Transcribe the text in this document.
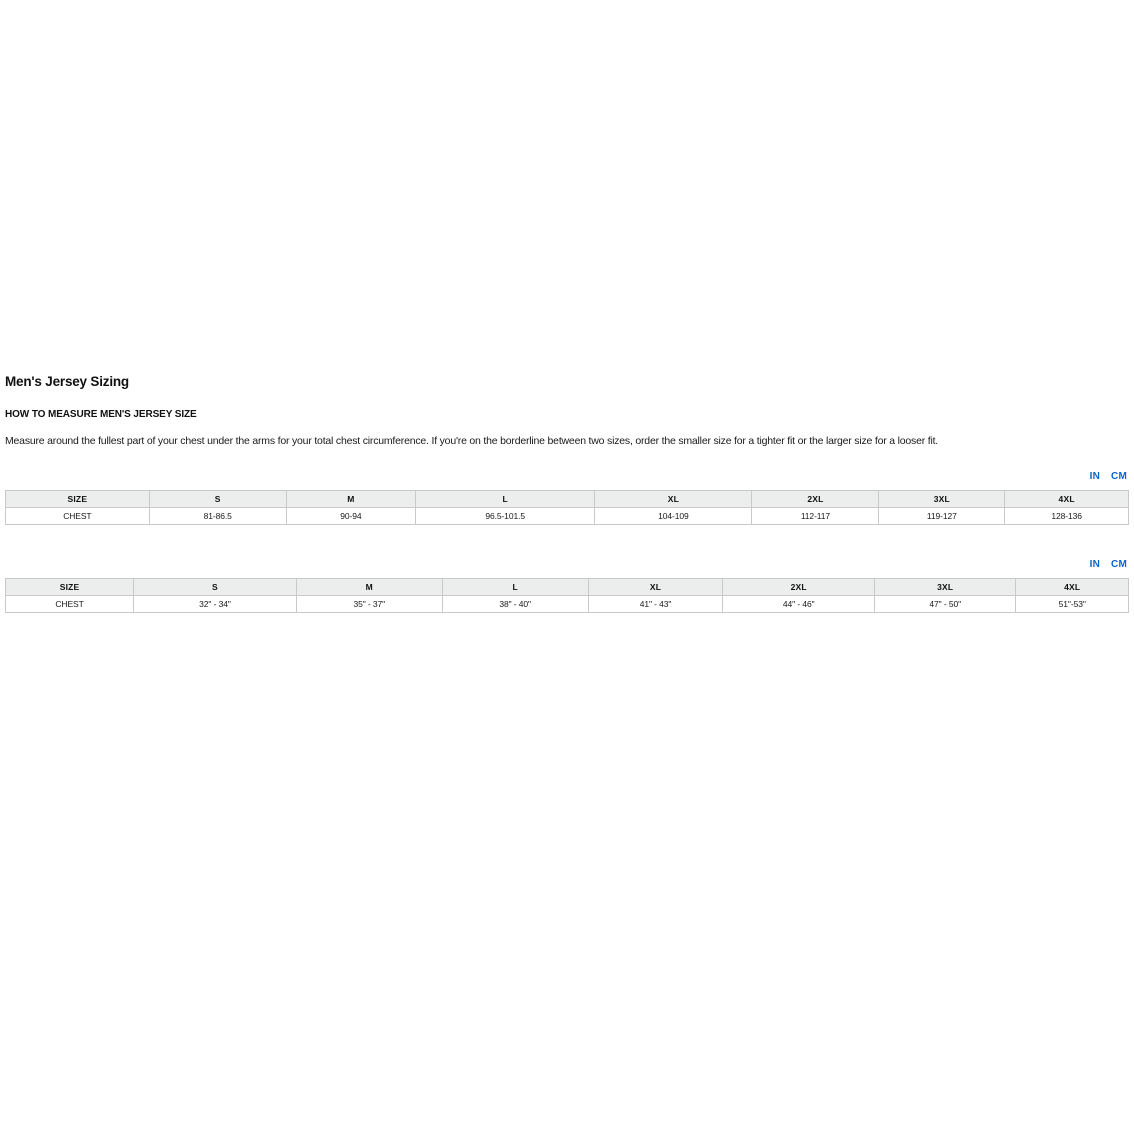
Men's Jersey Sizing
HOW TO MEASURE MEN'S JERSEY SIZE

Measure around the fullest part of your chest under the arms for your total chest circumference. If you're on the borderline between two sizes, order the smaller size for a tighter fit or the larger size for a looser fit.

IN CM
SIZE	S	M	L	XL	2XL	3XL	4XL
CHEST	81-86.5	90-94	96.5-101.5	104-109	112-117	119-127	128-136
IN CM
SIZE	S	M	L	XL	2XL	3XL	4XL
CHEST	32" - 34"	35" - 37"	38" - 40"	41" - 43"	44" - 46"	47" - 50"	51"-53"
